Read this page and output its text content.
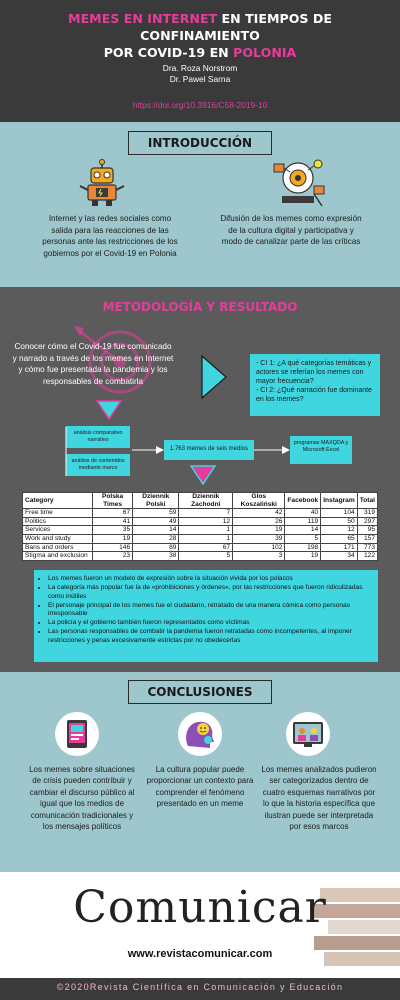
MEMES EN INTERNET EN TIEMPOS DE CONFINAMIENTO
POR COVID-19 EN POLONIA
Dra. Roza Norstrom
Dr. Pawel Sarna
https://doi.org/10.3916/C58-2019-10
INTRODUCCIÓN
Internet y las redes sociales como salida para las reacciones de las personas ante las restricciones de los gobiernos por el Covid-19 en Polonia
Difusión de los memes como expresión de la cultura digital y participativa y modo de canalizar parte de las críticas
METODOLOGÍA Y RESULTADO
Conocer cómo el Covid-19 fue comunicado y narrado a través de los memes en Internet y cómo fue presentada la pandemia y los responsables de combatirla
- CI 1: ¿A qué categorías temáticas y actores se referían los memes con mayor frecuencia?
- CI 2: ¿Qué narración fue dominante en los memes?
análisis comparativo narrativo
análisis de contenidos mediante marco
1.763 memes de seis medios
programas MAXQDA y Microsoft Excel
Category	Polska Times	Dziennik Polski	Dziennik Zachodni	Glos Koszaliński	Facebook	Instagram	Total
Free time	67	59	7	42	40	104	319
Politics	41	49	12	26	119	50	297
Services	35	14	1	19	14	12	95
Work and study	19	28	1	39	5	65	157
Bans and orders	146	89	67	102	198	171	773
Stigma and exclusion	23	38	5	3	19	34	122
• Los memes fueron un modelo de expresión sobre la situación vivida por los polacos
• La categoría más popular fue la de «prohibiciones y órdenes», por las restricciones que fueron ridiculizadas como inútiles
• El personaje principal de los memes fue el ciudadano, retratado de una manera cómica como personas irresponsable
• La policía y el gobierno también fueron representados como víctimas
• Las personas responsables de combatir la pandemia fueron retratadas como incompetentes, al imponer restricciones y penas excesivamente estrictas por no obedecerlas
CONCLUSIONES
Los memes sobre situaciones de crisis pueden contribuir y cambiar el discurso público al igual que los medios de comunicación tradicionales y los mensajes políticos
La cultura popular puede proporcionar un contexto para comprender el fenómeno presentado en un meme
Los memes analizados pudieron ser categorizados dentro de cuatro esquemas narrativos por lo que la historia específica que ilustran puede ser interpretada por esos marcos
Comunicar
www.revistacomunicar.com
©2020Revista Científica en Comunicación y Educación
